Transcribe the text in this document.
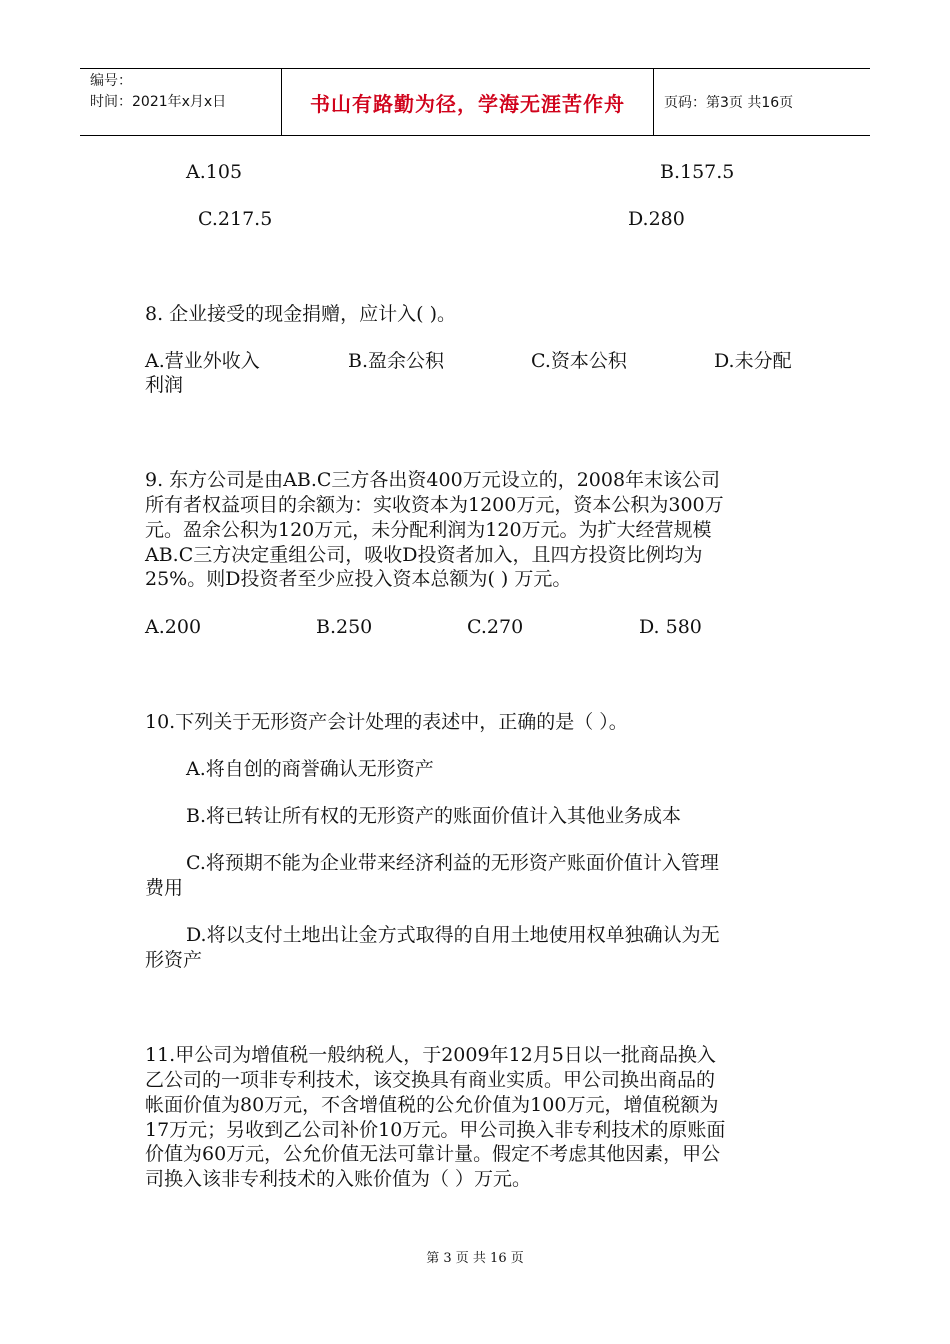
编号：
时间：2021年x月x日	书山有路勤为径，学海无涯苦作舟	页码：第3页 共16页
A.105	B.157.5
C.217.5	D.280
8. 企业接受的现金捐赠，应计入( )。
A.营业外收入	B.盈余公积	C.资本公积	D.未分配
利润
9. 东方公司是由AB.C三方各出资400万元设立的，2008年末该公司
所有者权益项目的余额为：实收资本为1200万元，资本公积为300万
元。盈余公积为120万元，未分配利润为120万元。为扩大经营规模
AB.C三方决定重组公司，吸收D投资者加入，且四方投资比例均为
25%。则D投资者至少应投入资本总额为( ) 万元。
A.200	B.250	C.270	D. 580
10.下列关于无形资产会计处理的表述中，正确的是（ ）。
A.将自创的商誉确认无形资产
B.将已转让所有权的无形资产的账面价值计入其他业务成本
C.将预期不能为企业带来经济利益的无形资产账面价值计入管理
费用
D.将以支付土地出让金方式取得的自用土地使用权单独确认为无
形资产
11.甲公司为增值税一般纳税人，于2009年12月5日以一批商品换入
乙公司的一项非专利技术，该交换具有商业实质。甲公司换出商品的
帐面价值为80万元，不含增值税的公允价值为100万元，增值税额为
17万元；另收到乙公司补价10万元。甲公司换入非专利技术的原账面
价值为60万元，公允价值无法可靠计量。假定不考虑其他因素，甲公
司换入该非专利技术的入账价值为（ ）万元。
第 3 页 共 16 页
